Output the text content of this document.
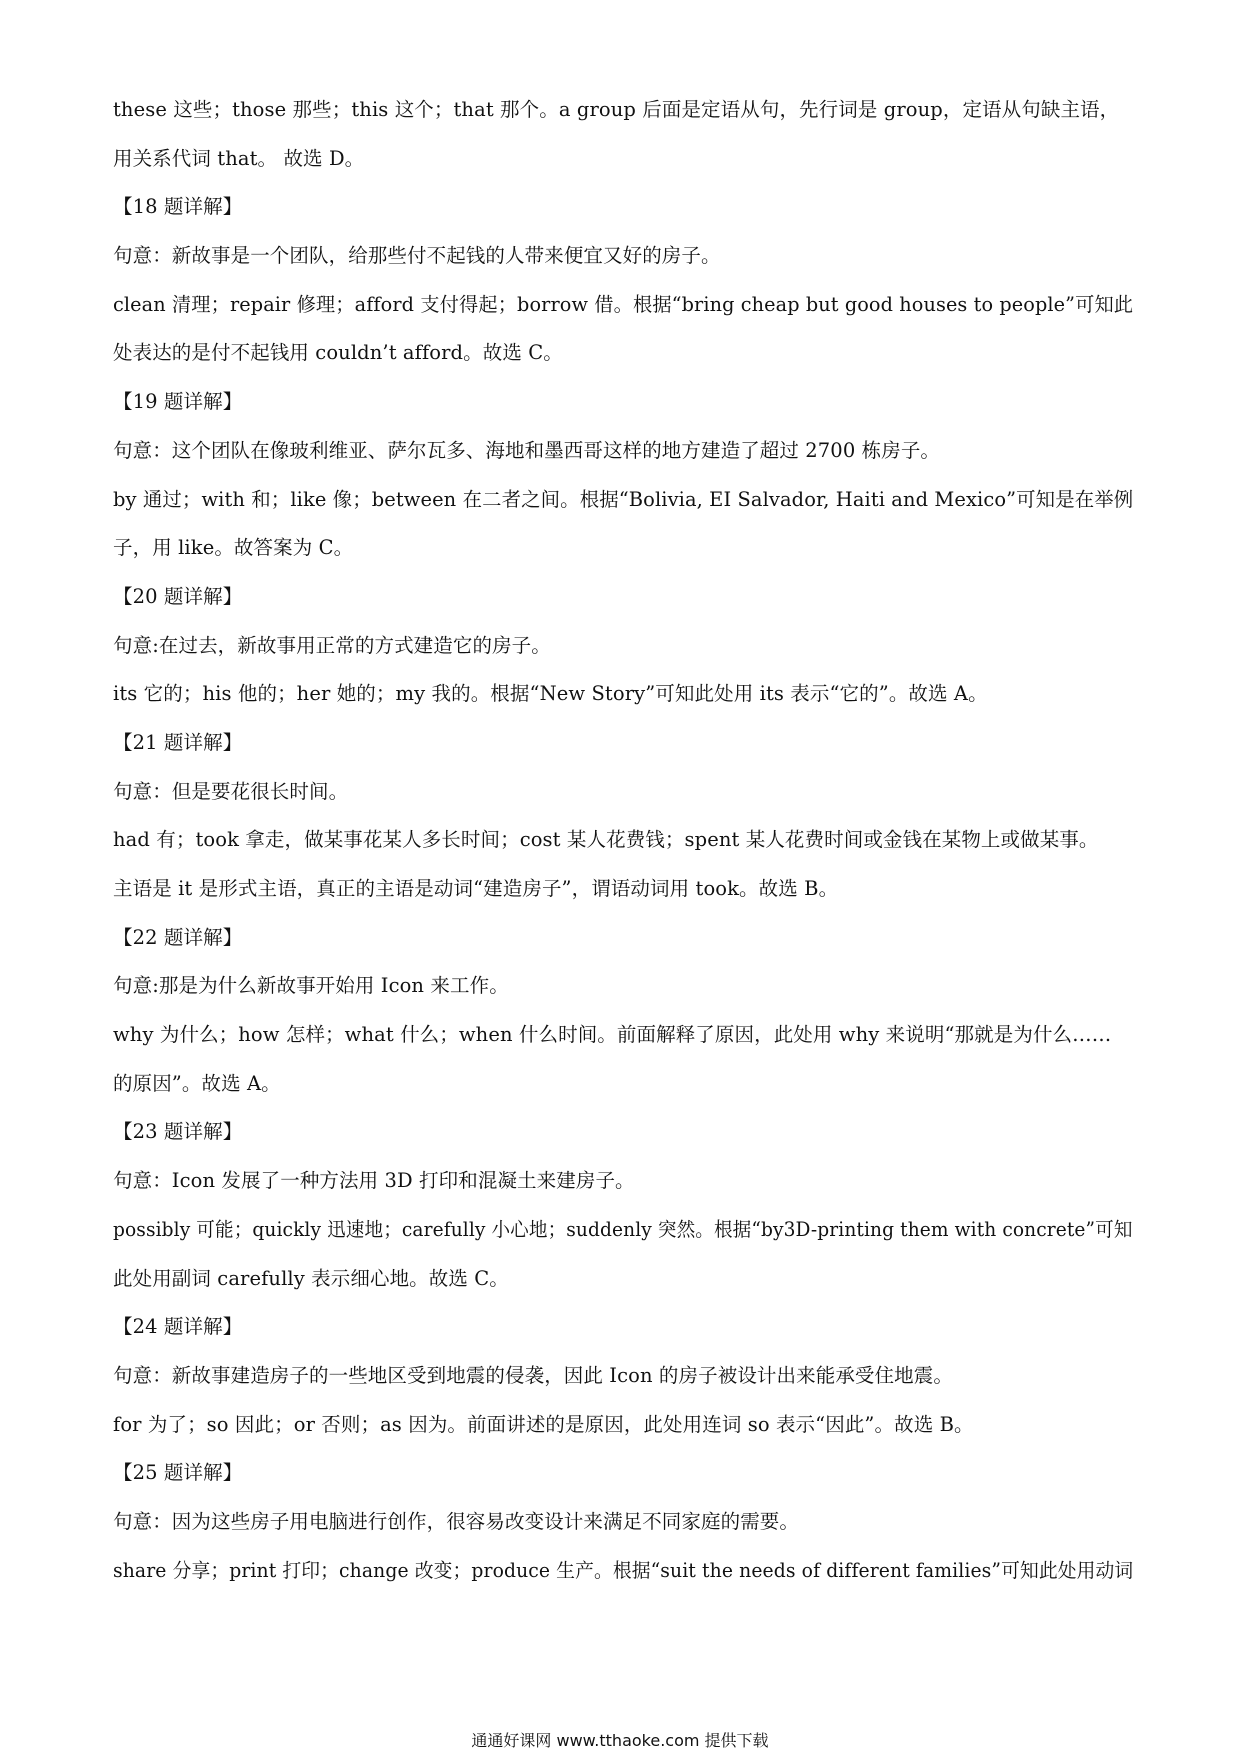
these 这些；those 那些；this 这个；that 那个。a group 后面是定语从句，先行词是 group，定语从句缺主语，
用关系代词 that。 故选 D。
【18 题详解】
句意：新故事是一个团队，给那些付不起钱的人带来便宜又好的房子。
clean 清理；repair 修理；afford 支付得起；borrow 借。根据“bring cheap but good houses to people”可知此
处表达的是付不起钱用 couldn’t afford。故选 C。
【19 题详解】
句意：这个团队在像玻利维亚、萨尔瓦多、海地和墨西哥这样的地方建造了超过 2700 栋房子。
by 通过；with 和；like 像；between 在二者之间。根据“Bolivia, EI Salvador, Haiti and Mexico”可知是在举例
子，用 like。故答案为 C。
【20 题详解】
句意:在过去，新故事用正常的方式建造它的房子。
its 它的；his 他的；her 她的；my 我的。根据“New Story”可知此处用 its 表示“它的”。故选 A。
【21 题详解】
句意：但是要花很长时间。
had 有；took 拿走，做某事花某人多长时间；cost 某人花费钱；spent 某人花费时间或金钱在某物上或做某事。
主语是 it 是形式主语，真正的主语是动词“建造房子”，谓语动词用 took。故选 B。
【22 题详解】
句意:那是为什么新故事开始用 Icon 来工作。
why 为什么；how 怎样；what 什么；when 什么时间。前面解释了原因，此处用 why 来说明“那就是为什么……
的原因”。故选 A。
【23 题详解】
句意：Icon 发展了一种方法用 3D 打印和混凝土来建房子。
possibly 可能；quickly 迅速地；carefully 小心地；suddenly 突然。根据“by3D-printing them with concrete”可知
此处用副词 carefully 表示细心地。故选 C。
【24 题详解】
句意：新故事建造房子的一些地区受到地震的侵袭，因此 Icon 的房子被设计出来能承受住地震。
for 为了；so 因此；or 否则；as 因为。前面讲述的是原因，此处用连词 so 表示“因此”。故选 B。
【25 题详解】
句意：因为这些房子用电脑进行创作，很容易改变设计来满足不同家庭的需要。
share 分享；print 打印；change 改变；produce 生产。根据“suit the needs of different families”可知此处用动词
通通好课网 www.tthaoke.com 提供下载
